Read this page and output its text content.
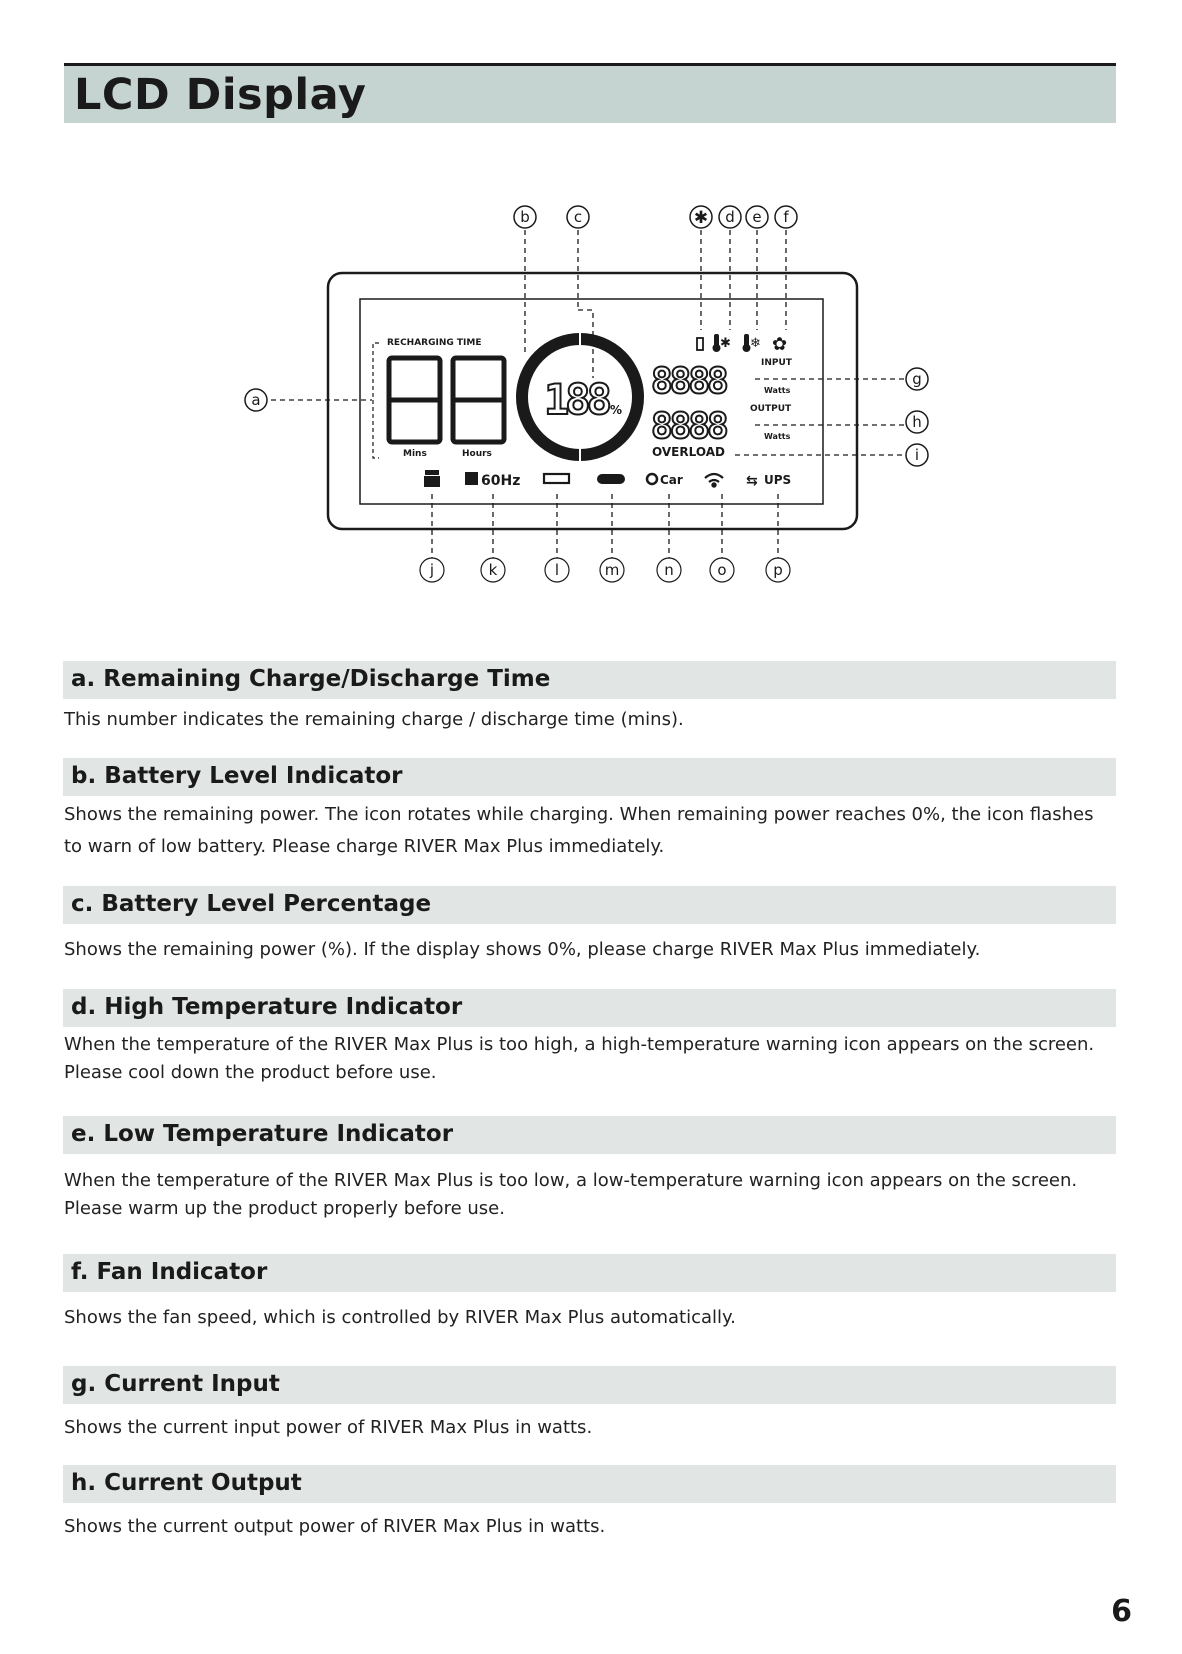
LCD Display
RECHARGING TIME
Mins	Hours
188 %
✱ ❄ ✿
INPUT
8888	Watts
OUTPUT
8888	Watts
OVERLOAD
60Hz	Car	⇆ UPS
a
b	c	✱ d e f
g
h
i
j	k	l	m	n	o	p
a. Remaining Charge/Discharge Time
This number indicates the remaining charge / discharge time (mins).
b. Battery Level Indicator
Shows the remaining power. The icon rotates while charging. When remaining power reaches 0%, the icon flashes to warn of low battery. Please charge RIVER Max Plus immediately.
c. Battery Level Percentage
Shows the remaining power (%). If the display shows 0%, please charge RIVER Max Plus immediately.
d. High Temperature Indicator
When the temperature of the RIVER Max Plus is too high, a high-temperature warning icon appears on the screen. Please cool down the product before use.
e. Low Temperature Indicator
When the temperature of the RIVER Max Plus is too low, a low-temperature warning icon appears on the screen. Please warm up the product properly before use.
f. Fan Indicator
Shows the fan speed, which is controlled by RIVER Max Plus automatically.
g. Current Input
Shows the current input power of RIVER Max Plus in watts.
h. Current Output
Shows the current output power of RIVER Max Plus in watts.
6
